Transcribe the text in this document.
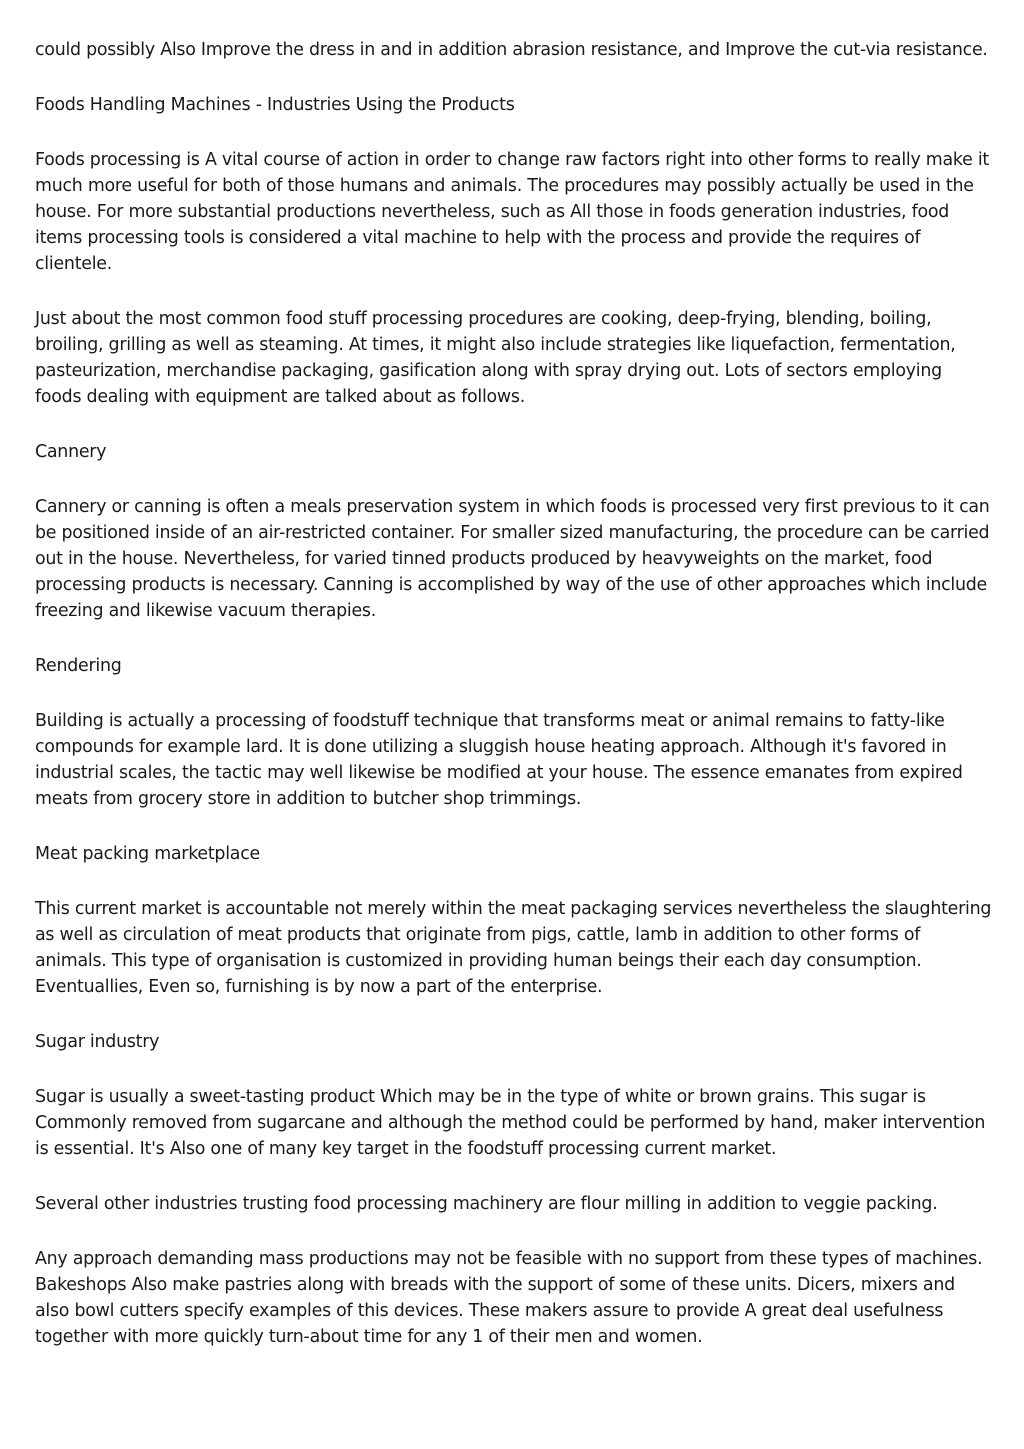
could possibly Also Improve the dress in and in addition abrasion resistance, and Improve the cut-via resistance.

Foods Handling Machines - Industries Using the Products

Foods processing is A vital course of action in order to change raw factors right into other forms to really make it much more useful for both of those humans and animals. The procedures may possibly actually be used in the house. For more substantial productions nevertheless, such as All those in foods generation industries, food items processing tools is considered a vital machine to help with the process and provide the requires of clientele.

Just about the most common food stuff processing procedures are cooking, deep-frying, blending, boiling, broiling, grilling as well as steaming. At times, it might also include strategies like liquefaction, fermentation, pasteurization, merchandise packaging, gasification along with spray drying out. Lots of sectors employing foods dealing with equipment are talked about as follows.

Cannery

Cannery or canning is often a meals preservation system in which foods is processed very first previous to it can be positioned inside of an air-restricted container. For smaller sized manufacturing, the procedure can be carried out in the house. Nevertheless, for varied tinned products produced by heavyweights on the market, food processing products is necessary. Canning is accomplished by way of the use of other approaches which include freezing and likewise vacuum therapies.

Rendering

Building is actually a processing of foodstuff technique that transforms meat or animal remains to fatty-like compounds for example lard. It is done utilizing a sluggish house heating approach. Although it's favored in industrial scales, the tactic may well likewise be modified at your house. The essence emanates from expired meats from grocery store in addition to butcher shop trimmings.

Meat packing marketplace

This current market is accountable not merely within the meat packaging services nevertheless the slaughtering as well as circulation of meat products that originate from pigs, cattle, lamb in addition to other forms of animals. This type of organisation is customized in providing human beings their each day consumption. Eventuallies, Even so, furnishing is by now a part of the enterprise.

Sugar industry

Sugar is usually a sweet-tasting product Which may be in the type of white or brown grains. This sugar is Commonly removed from sugarcane and although the method could be performed by hand, maker intervention is essential. It's Also one of many key target in the foodstuff processing current market.

Several other industries trusting food processing machinery are flour milling in addition to veggie packing.

Any approach demanding mass productions may not be feasible with no support from these types of machines. Bakeshops Also make pastries along with breads with the support of some of these units. Dicers, mixers and also bowl cutters specify examples of this devices. These makers assure to provide A great deal usefulness together with more quickly turn-about time for any 1 of their men and women.
